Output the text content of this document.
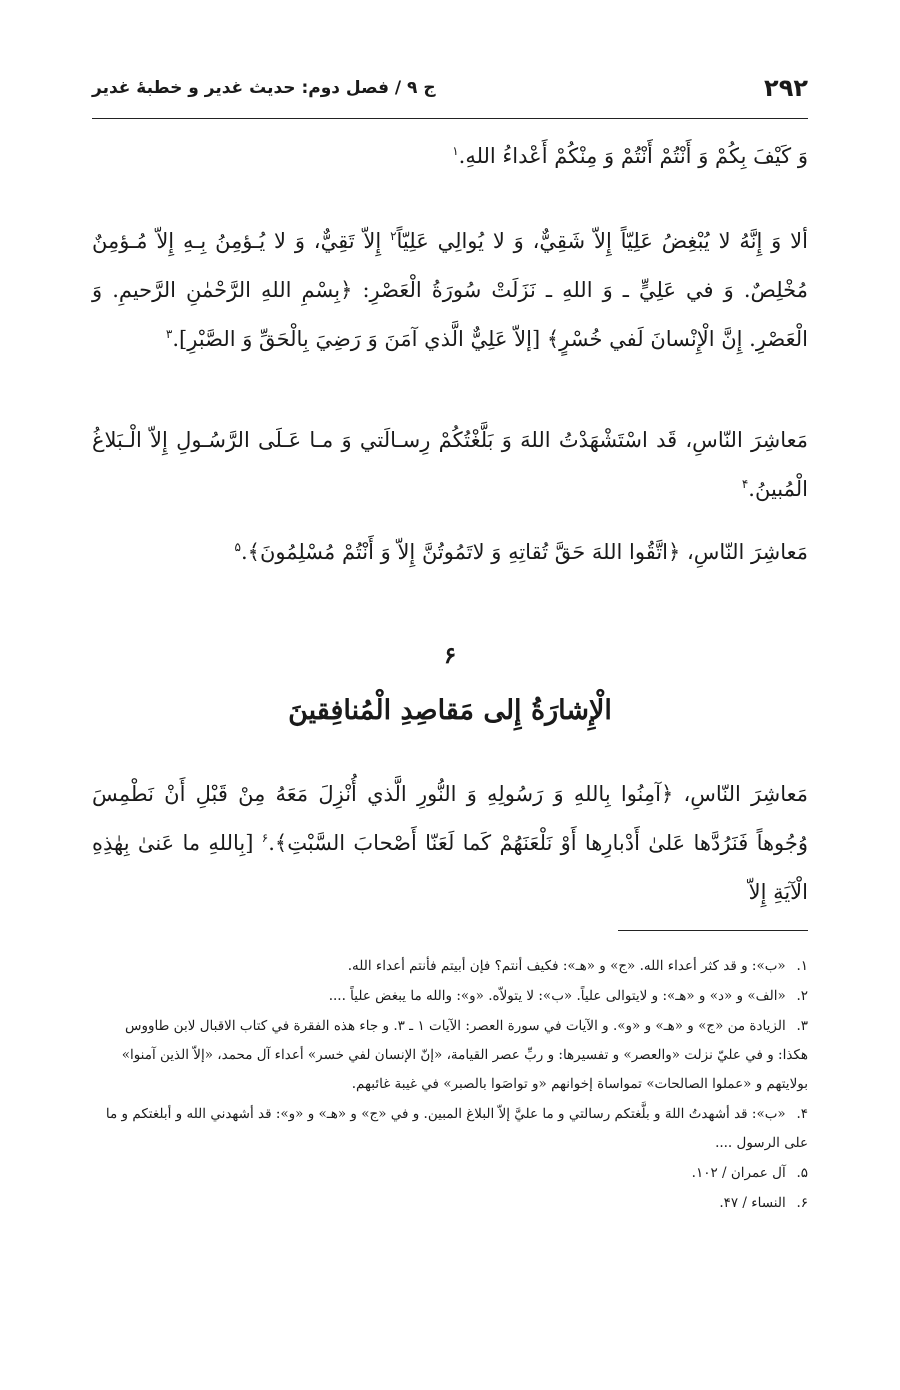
۲۹۲
ج ۹ / فصل دوم: حديث غدير و خطبهٔ غدير

وَ كَيْفَ بِكُمْ وَ أَنْتُمْ أَنْتُمْ وَ مِنْكُمْ أَعْداءُ اللهِ.$^۱$

ألا وَ إِنَّهُ لا يُبْغِضُ عَلِيّاً إِلاّ شَقِيٌّ، وَ لا يُوالِي عَلِيّاً$^۲$ إِلاّ تَقِيٌّ، وَ لا يُـؤمِنُ بِـهِ إِلاّ مُـؤمِنٌ مُخْلِصٌ. وَ في عَلِيٍّ ـ وَ اللهِ ـ نَزَلَتْ سُورَةُ الْعَصْرِ: ﴿بِسْمِ اللهِ الرَّحْمٰنِ الرَّحيمِ. وَ الْعَصْرِ. إِنَّ الْإِنْسانَ لَفي خُسْرٍ﴾ [إلاّ عَلِيٌّ الَّذي آمَنَ وَ رَضِيَ بِالْحَقِّ وَ الصَّبْرِ].$^۳$

مَعاشِرَ النّاسِ، قَد اسْتَشْهَدْتُ اللهَ وَ بَلَّغْتُكُمْ رِسـالَتي وَ مـا عَـلَى الرَّسُـولِ إِلاّ الْـبَلاغُ الْمُبينُ.$^۴$

مَعاشِرَ النّاسِ، ﴿اتَّقُوا اللهَ حَقَّ تُقاتِهِ وَ لاتَمُوتُنَّ إِلاّ وَ أَنْتُمْ مُسْلِمُونَ﴾.$^۵$

۶
الْإِشارَةُ إِلى مَقاصِدِ الْمُنافِقينَ

مَعاشِرَ النّاسِ، ﴿آمِنُوا بِاللهِ وَ رَسُولِهِ وَ النُّورِ الَّذي أُنْزِلَ مَعَهُ مِنْ قَبْلِ أَنْ نَطْمِسَ وُجُوهاً فَنَرُدَّها عَلىٰ أَدْبارِها أَوْ نَلْعَنَهُمْ كَما لَعَنّا أَصْحابَ السَّبْتِ﴾.$^۶$ [بِاللهِ ما عَنىٰ بِهٰذِهِ الْآيَةِ إِلاّ

۱. «ب»: و قد كثر أعداء الله. «ج» و «هـ»: فكيف أنتم؟ فإن أبيتم فأنتم أعداء الله.

۲. «الف» و «د» و «هـ»: و لايتوالى علياً. «ب»: لا يتولاّه. «و»: والله ما يبغض علياً ....

۳. الزيادة من «ج» و «هـ» و «و». و الآيات في سورة العصر: الآيات ۱ ـ ۳. و جاء هذه الفقرة في كتاب الاقبال لابن طاووس هكذا: و في عليّ نزلت «والعصر» و تفسيرها: و ربِّ عصر القيامة، «إنّ الإنسان لفي خسر» أعداء آل محمد، «إلاّ الذين آمنوا» بولايتهم و «عملوا الصالحات» تمواساة إخوانهم «و تواصَوا بالصبر» في غيبة غائبهم.

۴. «ب»: قد أشهدتُ اللهَ و بلَّغتكم رسالتي و ما عليَّ إلاّ البلاغ المبين. و في «ج» و «هـ» و «و»: قد أشهدني الله و أبلغتكم و ما على الرسول ....

۵. آل عمران / ۱۰۲.

۶. النساء / ۴۷.
